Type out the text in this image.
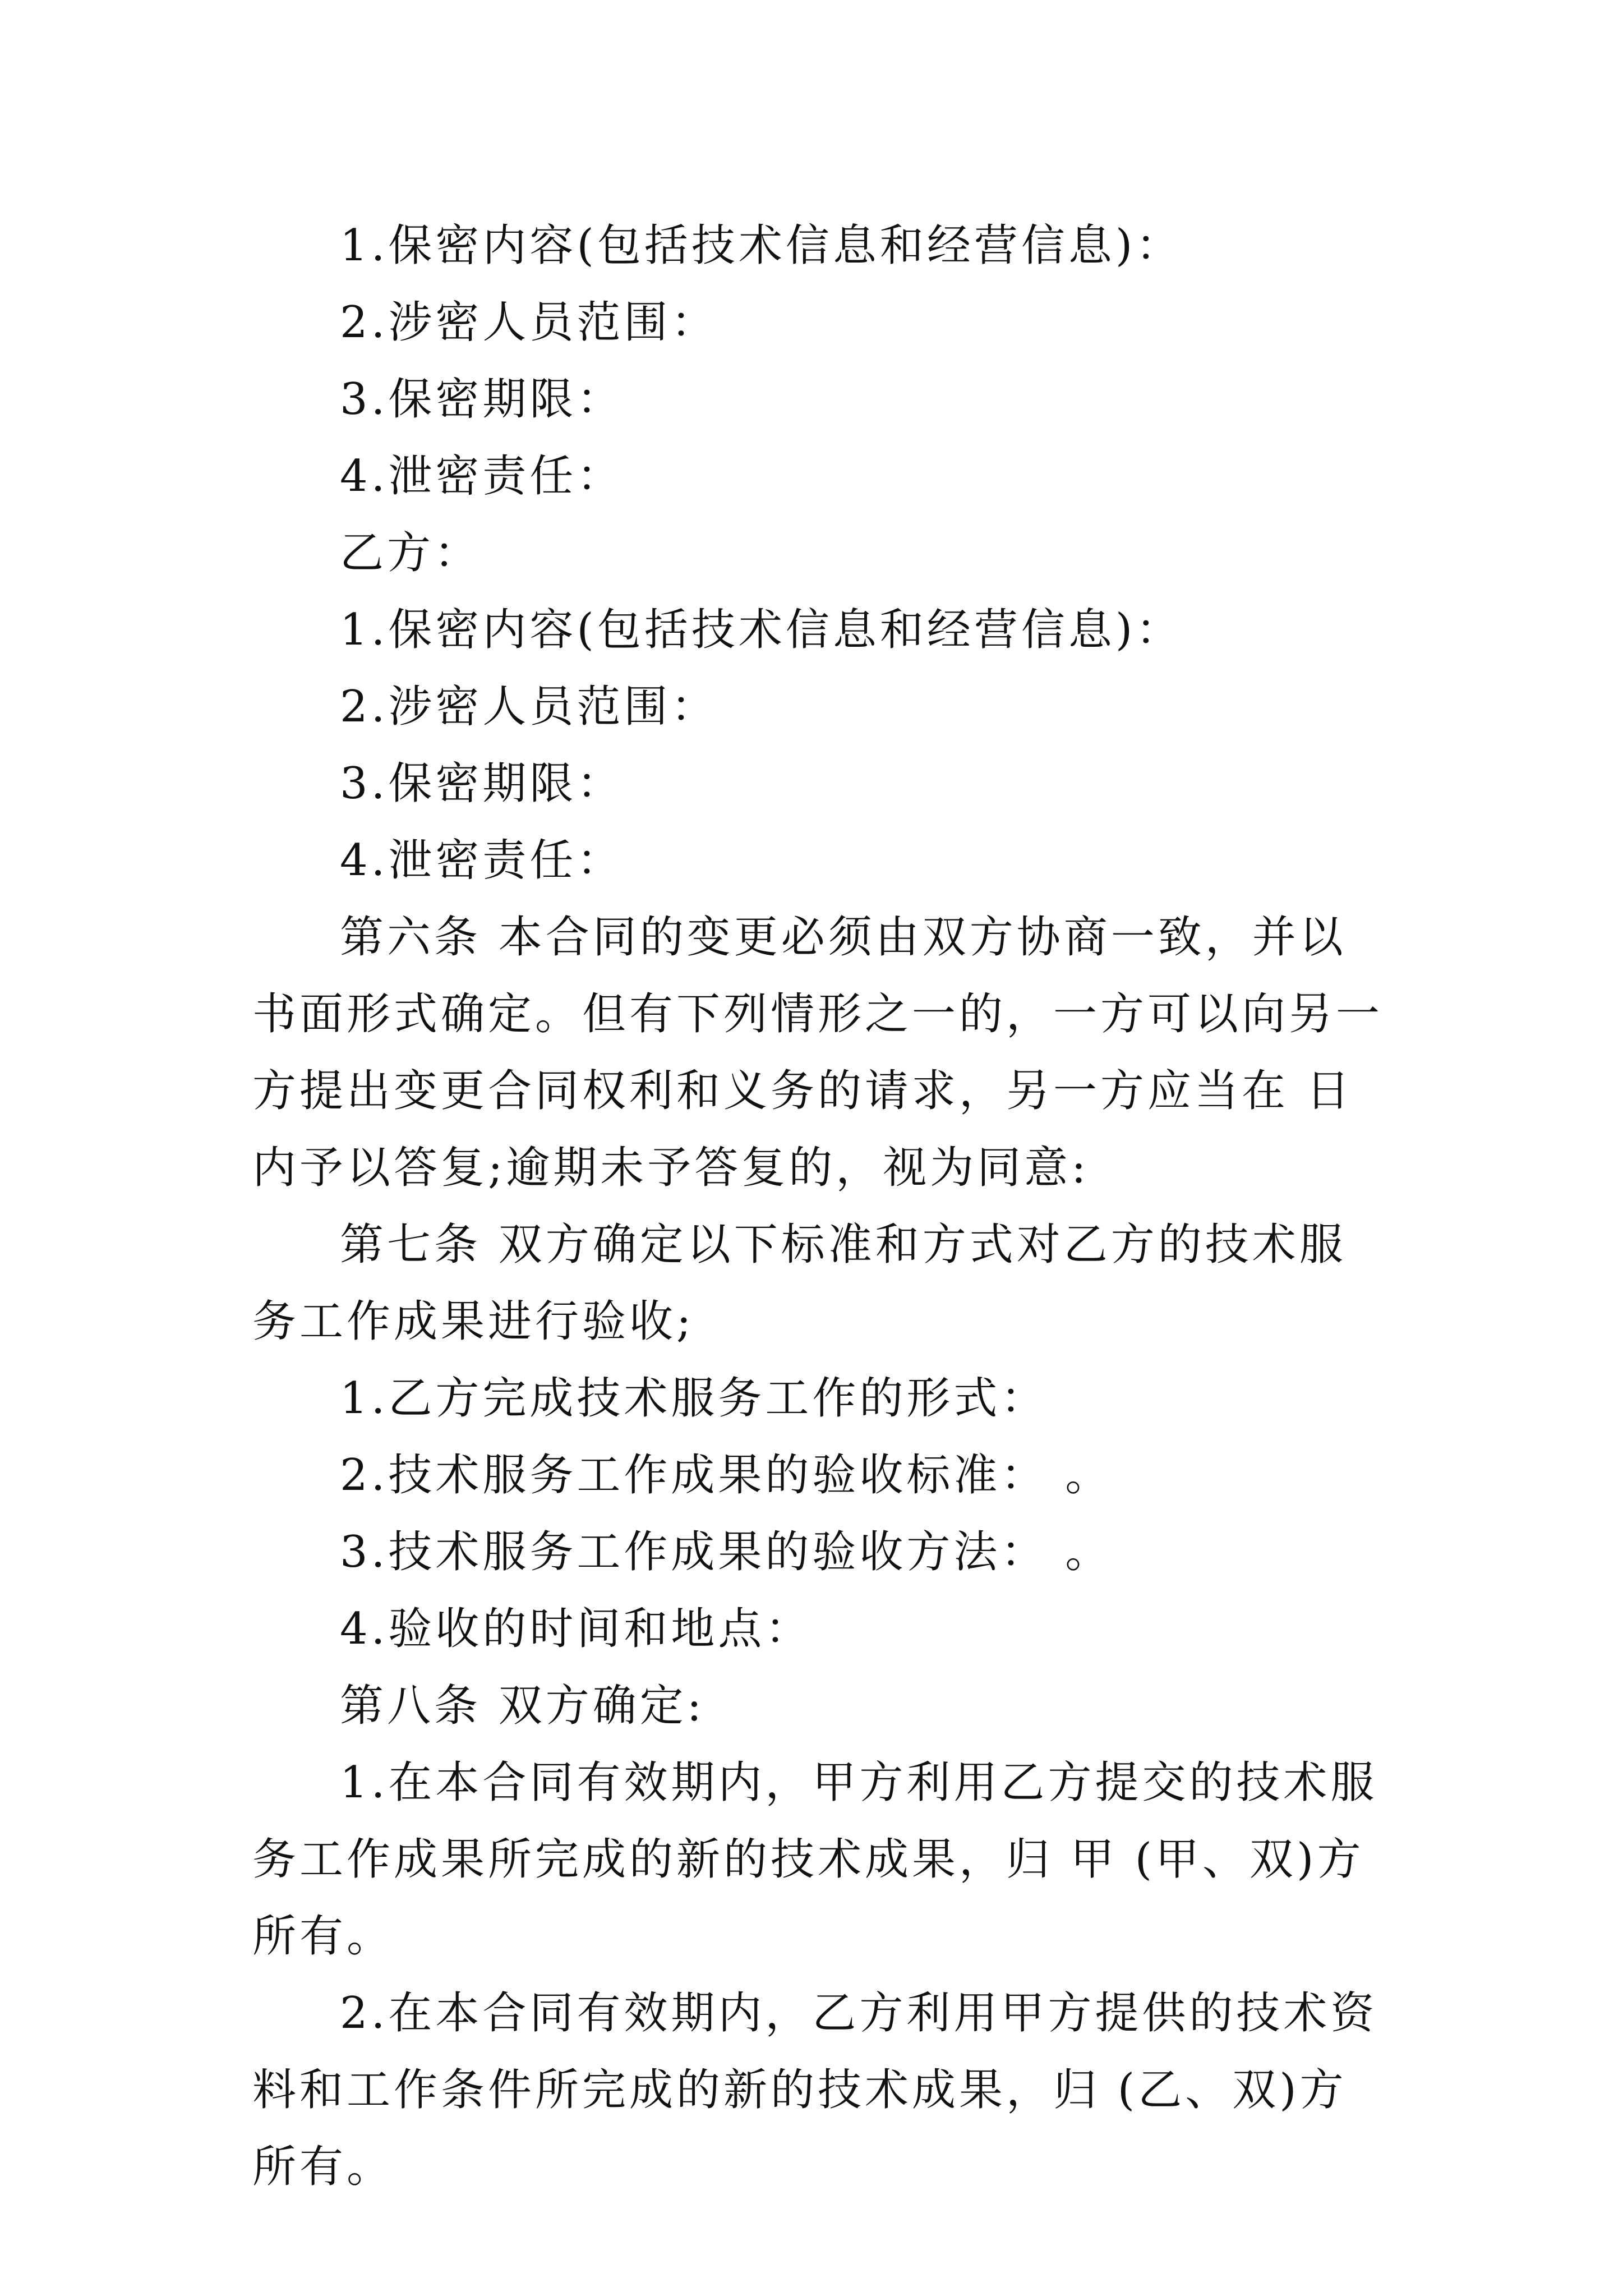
1.保密内容(包括技术信息和经营信息)：

2.涉密人员范围：

3.保密期限：

4.泄密责任：

乙方：

1.保密内容(包括技术信息和经营信息)：

2.涉密人员范围：

3.保密期限：

4.泄密责任：

第六条 本合同的变更必须由双方协商一致，并以书面形式确定。但有下列情形之一的，一方可以向另一方提出变更合同权利和义务的请求，另一方应当在 日内予以答复;逾期未予答复的，视为同意:

第七条 双方确定以下标准和方式对乙方的技术服务工作成果进行验收;

1.乙方完成技术服务工作的形式：

2.技术服务工作成果的验收标准： 。

3.技术服务工作成果的验收方法： 。

4.验收的时间和地点：

第八条 双方确定:

1.在本合同有效期内，甲方利用乙方提交的技术服务工作成果所完成的新的技术成果，归 甲 (甲、双)方所有。

2.在本合同有效期内，乙方利用甲方提供的技术资料和工作条件所完成的新的技术成果，归 (乙、双)方所有。
